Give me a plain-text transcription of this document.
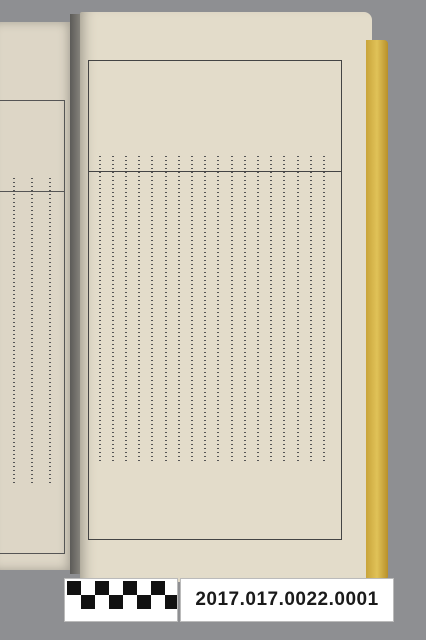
2017.017.0022.0001
